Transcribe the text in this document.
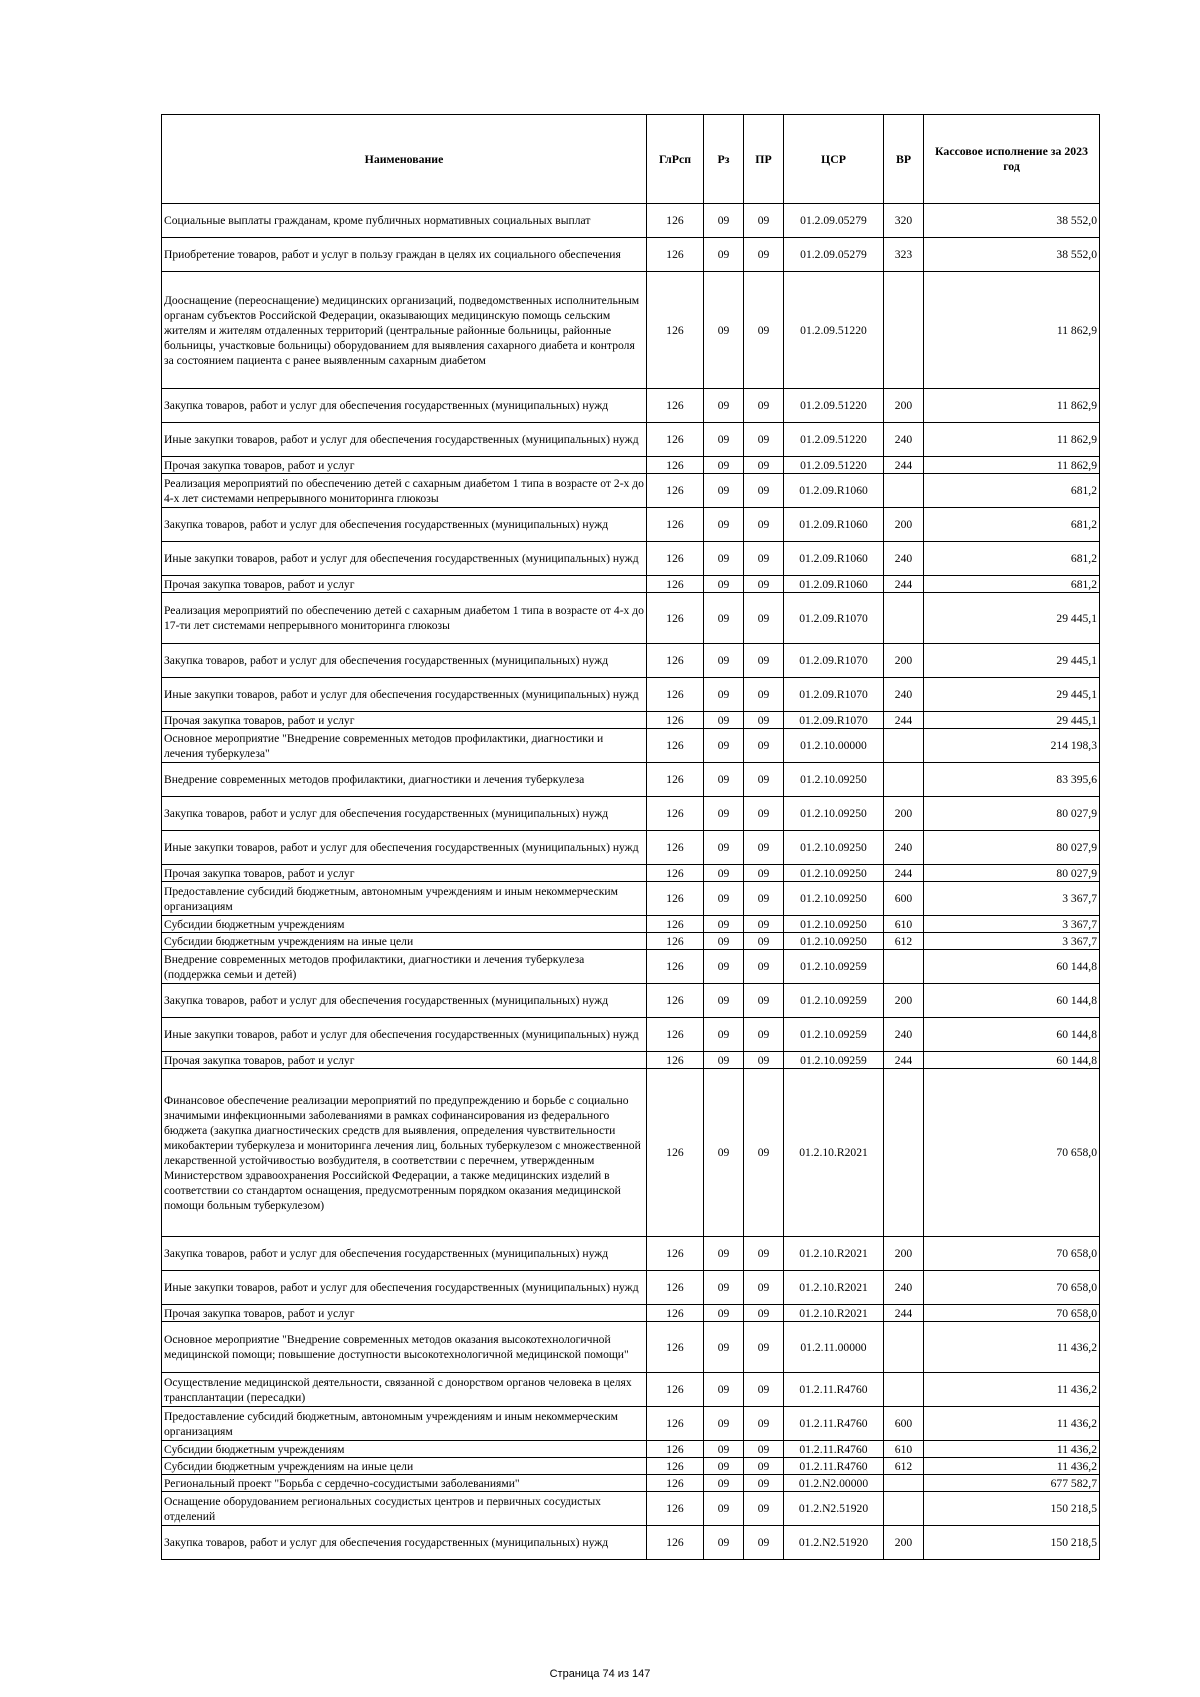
Наименование	ГлРсп	Рз	ПР	ЦСР	ВР	Кассовое исполнение за 2023 год
Социальные выплаты гражданам, кроме публичных нормативных социальных выплат	126	09	09	01.2.09.05279	320	38 552,0
Приобретение товаров, работ и услуг в пользу граждан в целях их социального обеспечения	126	09	09	01.2.09.05279	323	38 552,0
Дооснащение (переоснащение) медицинских организаций, подведомственных исполнительным органам субъектов Российской Федерации, оказывающих медицинскую помощь сельским жителям и жителям отдаленных территорий (центральные районные больницы, районные больницы, участковые больницы) оборудованием для выявления сахарного диабета и контроля за состоянием пациента с ранее выявленным сахарным диабетом	126	09	09	01.2.09.51220		11 862,9
Закупка товаров, работ и услуг для обеспечения государственных (муниципальных) нужд	126	09	09	01.2.09.51220	200	11 862,9
Иные закупки товаров, работ и услуг для обеспечения государственных (муниципальных) нужд	126	09	09	01.2.09.51220	240	11 862,9
Прочая закупка товаров, работ и услуг	126	09	09	01.2.09.51220	244	11 862,9
Реализация мероприятий по обеспечению детей с сахарным диабетом 1 типа в возрасте от 2-х до 4-х лет системами непрерывного мониторинга глюкозы	126	09	09	01.2.09.R1060		681,2
Закупка товаров, работ и услуг для обеспечения государственных (муниципальных) нужд	126	09	09	01.2.09.R1060	200	681,2
Иные закупки товаров, работ и услуг для обеспечения государственных (муниципальных) нужд	126	09	09	01.2.09.R1060	240	681,2
Прочая закупка товаров, работ и услуг	126	09	09	01.2.09.R1060	244	681,2
Реализация мероприятий по обеспечению детей с сахарным диабетом 1 типа в возрасте от 4-х до 17-ти лет системами непрерывного мониторинга глюкозы	126	09	09	01.2.09.R1070		29 445,1
Закупка товаров, работ и услуг для обеспечения государственных (муниципальных) нужд	126	09	09	01.2.09.R1070	200	29 445,1
Иные закупки товаров, работ и услуг для обеспечения государственных (муниципальных) нужд	126	09	09	01.2.09.R1070	240	29 445,1
Прочая закупка товаров, работ и услуг	126	09	09	01.2.09.R1070	244	29 445,1
Основное мероприятие "Внедрение современных методов профилактики, диагностики и лечения туберкулеза"	126	09	09	01.2.10.00000		214 198,3
Внедрение современных методов профилактики, диагностики и лечения туберкулеза	126	09	09	01.2.10.09250		83 395,6
Закупка товаров, работ и услуг для обеспечения государственных (муниципальных) нужд	126	09	09	01.2.10.09250	200	80 027,9
Иные закупки товаров, работ и услуг для обеспечения государственных (муниципальных) нужд	126	09	09	01.2.10.09250	240	80 027,9
Прочая закупка товаров, работ и услуг	126	09	09	01.2.10.09250	244	80 027,9
Предоставление субсидий бюджетным, автономным учреждениям и иным некоммерческим организациям	126	09	09	01.2.10.09250	600	3 367,7
Субсидии бюджетным учреждениям	126	09	09	01.2.10.09250	610	3 367,7
Субсидии бюджетным учреждениям на иные цели	126	09	09	01.2.10.09250	612	3 367,7
Внедрение современных методов профилактики, диагностики и лечения туберкулеза (поддержка семьи и детей)	126	09	09	01.2.10.09259		60 144,8
Закупка товаров, работ и услуг для обеспечения государственных (муниципальных) нужд	126	09	09	01.2.10.09259	200	60 144,8
Иные закупки товаров, работ и услуг для обеспечения государственных (муниципальных) нужд	126	09	09	01.2.10.09259	240	60 144,8
Прочая закупка товаров, работ и услуг	126	09	09	01.2.10.09259	244	60 144,8
Финансовое обеспечение реализации мероприятий по предупреждению и борьбе с социально значимыми инфекционными заболеваниями в рамках софинансирования из федерального бюджета (закупка диагностических средств для выявления, определения чувствительности микобактерии туберкулеза и мониторинга лечения лиц, больных туберкулезом с множественной лекарственной устойчивостью возбудителя, в соответствии с перечнем, утвержденным Министерством здравоохранения Российской Федерации, а также медицинских изделий в соответствии со стандартом оснащения, предусмотренным порядком оказания медицинской помощи больным туберкулезом)	126	09	09	01.2.10.R2021		70 658,0
Закупка товаров, работ и услуг для обеспечения государственных (муниципальных) нужд	126	09	09	01.2.10.R2021	200	70 658,0
Иные закупки товаров, работ и услуг для обеспечения государственных (муниципальных) нужд	126	09	09	01.2.10.R2021	240	70 658,0
Прочая закупка товаров, работ и услуг	126	09	09	01.2.10.R2021	244	70 658,0
Основное мероприятие "Внедрение современных методов оказания высокотехнологичной медицинской помощи; повышение доступности высокотехнологичной медицинской помощи"	126	09	09	01.2.11.00000		11 436,2
Осуществление медицинской деятельности, связанной с донорством органов человека в целях трансплантации (пересадки)	126	09	09	01.2.11.R4760		11 436,2
Предоставление субсидий бюджетным, автономным учреждениям и иным некоммерческим организациям	126	09	09	01.2.11.R4760	600	11 436,2
Субсидии бюджетным учреждениям	126	09	09	01.2.11.R4760	610	11 436,2
Субсидии бюджетным учреждениям на иные цели	126	09	09	01.2.11.R4760	612	11 436,2
Региональный проект "Борьба с сердечно-сосудистыми заболеваниями"	126	09	09	01.2.N2.00000		677 582,7
Оснащение оборудованием региональных сосудистых центров и первичных сосудистых отделений	126	09	09	01.2.N2.51920		150 218,5
Закупка товаров, работ и услуг для обеспечения государственных (муниципальных) нужд	126	09	09	01.2.N2.51920	200	150 218,5
Страница 74 из 147
